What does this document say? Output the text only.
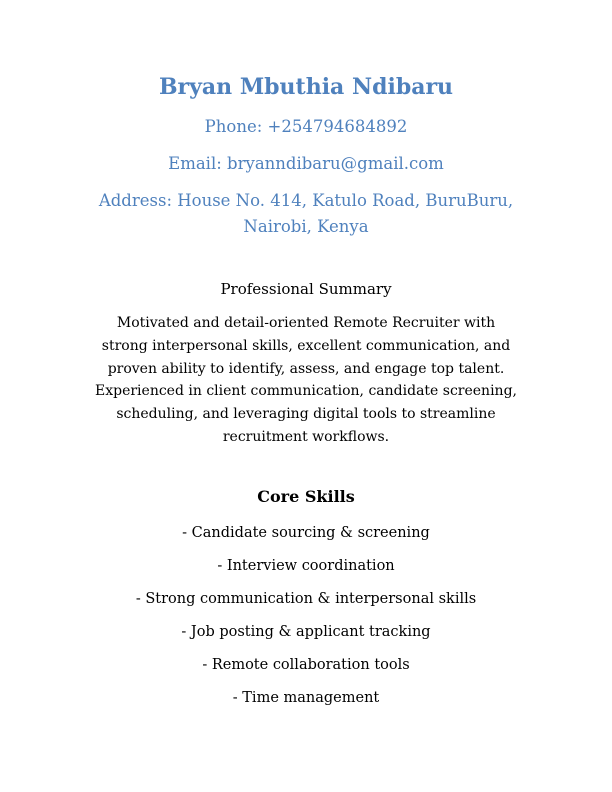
Bryan Mbuthia Ndibaru
Phone: +254794684892
Email: bryanndibaru@gmail.com
Address: House No. 414, Katulo Road, BuruBuru,
Nairobi, Kenya
Professional Summary
Motivated and detail-oriented Remote Recruiter with
strong interpersonal skills, excellent communication, and
proven ability to identify, assess, and engage top talent.
Experienced in client communication, candidate screening,
scheduling, and leveraging digital tools to streamline
recruitment workflows.
Core Skills
- Candidate sourcing & screening
- Interview coordination
- Strong communication & interpersonal skills
- Job posting & applicant tracking
- Remote collaboration tools
- Time management
